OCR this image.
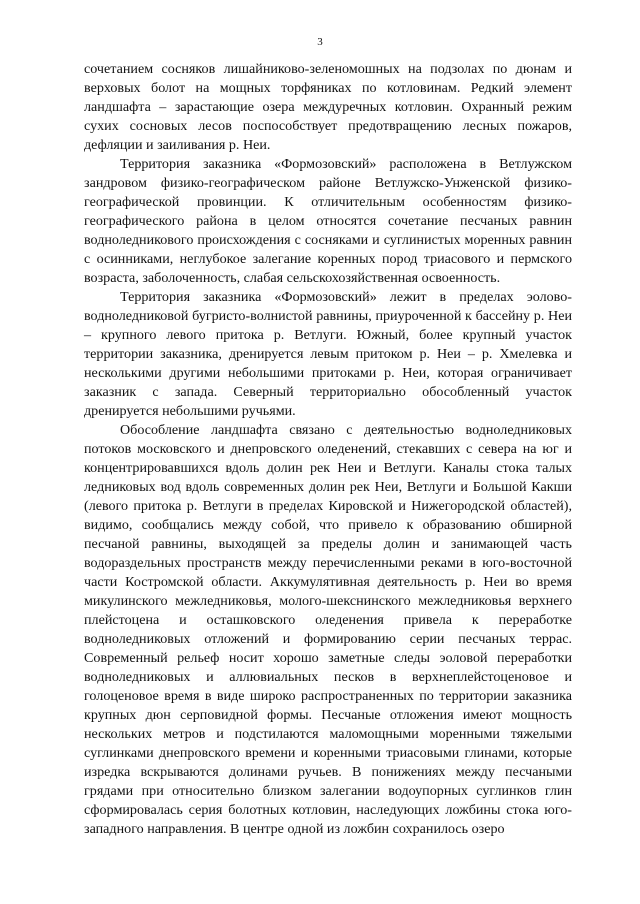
3

сочетанием сосняков лишайниково-зеленомошных на подзолах по дюнам и верховых болот на мощных торфяниках по котловинам. Редкий элемент ландшафта – зарастающие озера междуречных котловин. Охранный режим сухих сосновых лесов поспособствует предотвращению лесных пожаров, дефляции и заиливания р. Неи.

Территория заказника «Формозовский» расположена в Ветлужском зандровом физико-географическом районе Ветлужско-Унженской физико-географической провинции. К отличительным особенностям физико-географического района в целом относятся сочетание песчаных равнин водноледникового происхождения с сосняками и суглинистых моренных равнин с осинниками, неглубокое залегание коренных пород триасового и пермского возраста, заболоченность, слабая сельскохозяйственная освоенность.

Территория заказника «Формозовский» лежит в пределах эолово-водноледниковой бугристо-волнистой равнины, приуроченной к бассейну р. Неи – крупного левого притока р. Ветлуги. Южный, более крупный участок территории заказника, дренируется левым притоком р. Неи – р. Хмелевка и несколькими другими небольшими притоками р. Неи, которая ограничивает заказник с запада. Северный территориально обособленный участок дренируется небольшими ручьями.

Обособление ландшафта связано с деятельностью водноледниковых потоков московского и днепровского оледенений, стекавших с севера на юг и концентрировавшихся вдоль долин рек Неи и Ветлуги. Каналы стока талых ледниковых вод вдоль современных долин рек Неи, Ветлуги и Большой Какши (левого притока р. Ветлуги в пределах Кировской и Нижегородской областей), видимо, сообщались между собой, что привело к образованию обширной песчаной равнины, выходящей за пределы долин и занимающей часть водораздельных пространств между перечисленными реками в юго-восточной части Костромской области. Аккумулятивная деятельность р. Неи во время микулинского межледниковья, молого-шекснинского межледниковья верхнего плейстоцена и осташковского оледенения привела к переработке водноледниковых отложений и формированию серии песчаных террас. Современный рельеф носит хорошо заметные следы эоловой переработки водноледниковых и аллювиальных песков в верхнеплейстоценовое и голоценовое время в виде широко распространенных по территории заказника крупных дюн серповидной формы. Песчаные отложения имеют мощность нескольких метров и подстилаются маломощными моренными тяжелыми суглинками днепровского времени и коренными триасовыми глинами, которые изредка вскрываются долинами ручьев. В понижениях между песчаными грядами при относительно близком залегании водоупорных суглинков глин сформировалась серия болотных котловин, наследующих ложбины стока юго-западного направления. В центре одной из ложбин сохранилось озеро
